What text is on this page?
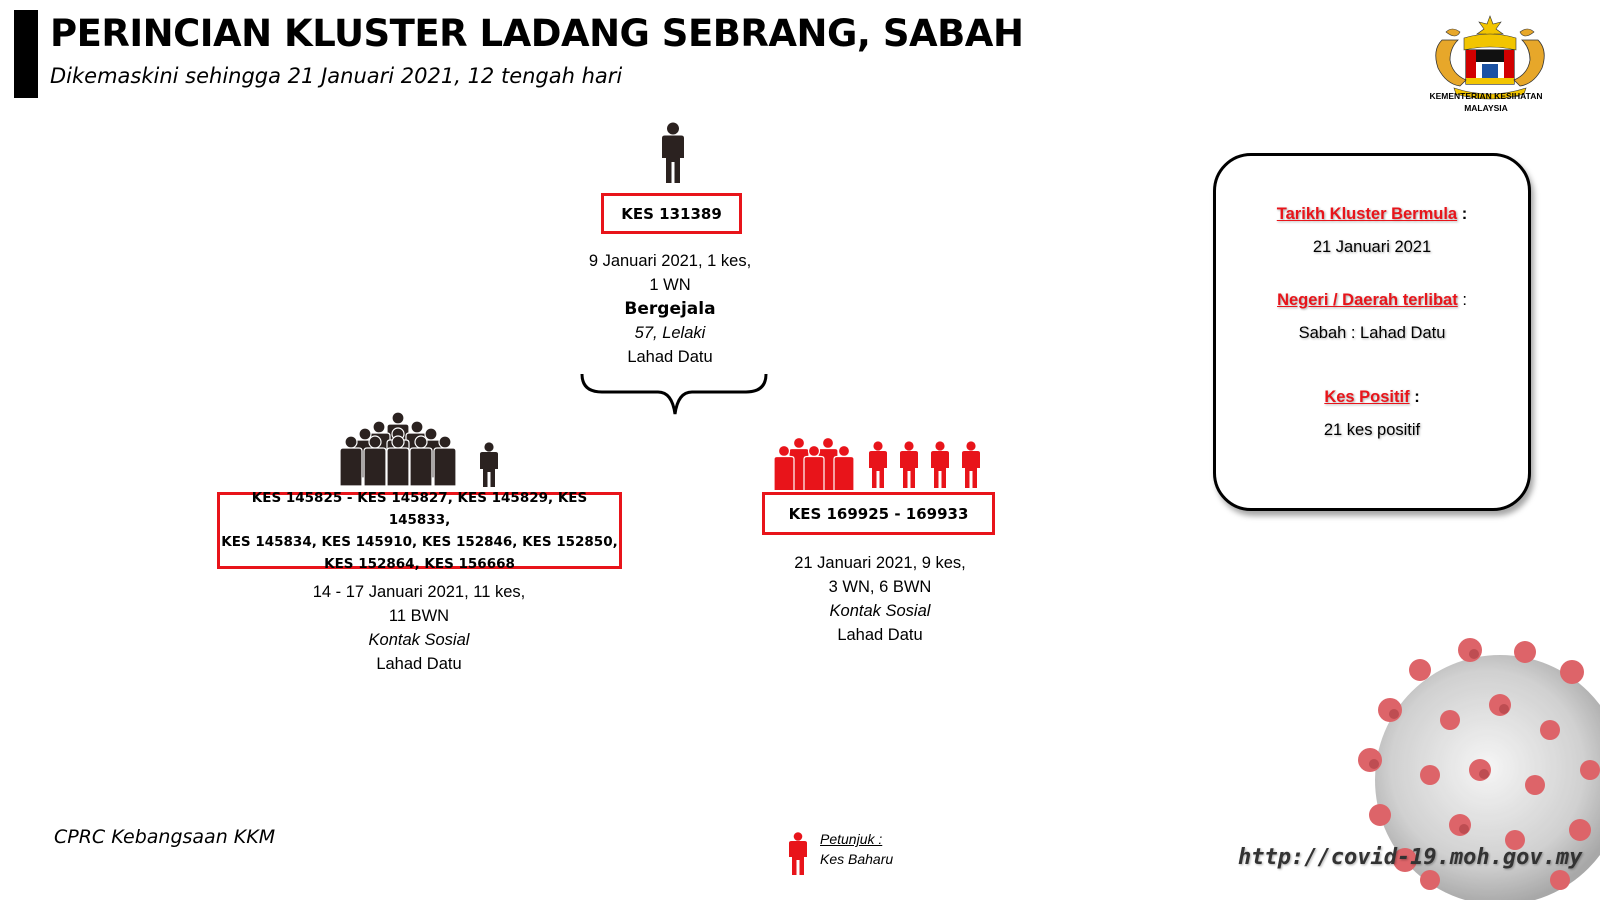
PERINCIAN KLUSTER LADANG SEBRANG, SABAH

Dikemaskini sehingga 21 Januari 2021, 12 tengah hari

KEMENTERIAN KESIHATAN
MALAYSIA
KES 131389
9 Januari 2021, 1 kes,
1 WN
Bergejala
57, Lelaki
Lahad Datu
KES 145825 - KES 145827, KES 145829, KES 145833,
KES 145834, KES 145910, KES 152846, KES 152850,
KES 152864, KES 156668
14 - 17 Januari 2021, 11 kes,
11 BWN
Kontak Sosial
Lahad Datu
KES 169925 - 169933
21 Januari 2021, 9 kes,
3 WN, 6 BWN
Kontak Sosial
Lahad Datu
Tarikh Kluster Bermula :
21 Januari 2021
Negeri / Daerah terlibat :
Sabah : Lahad Datu
Kes Positif :
21 kes positif
CPRC Kebangsaan KKM	Petunjuk :
Kes Baharu	http://covid-19.moh.gov.my
